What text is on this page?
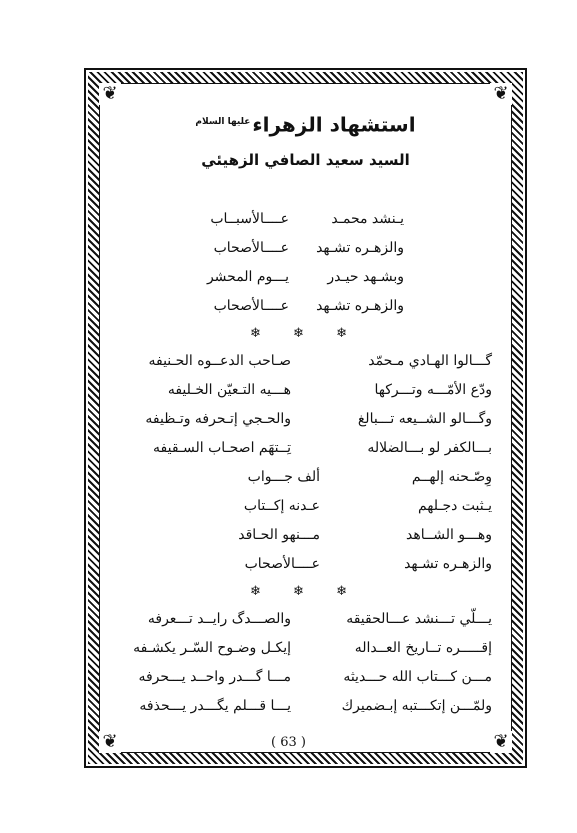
❦	❦
❦	❦
استشهاد الزهراء$^{عليها السلام}$
السيد سعيد الصافي الزهيئي
يـنشد محمـد
عــــالأسبــاب
والزهـره تشـهد
عــــالأصحاب
وبشـهد حيـدر
يـــوم المحشر
والزهـره تشـهد
عــــالأصحاب
❄ ❄ ❄
گـــالوا الهـادي مـحمّد
صـاحب الدعــوه الحـنيفه
ودّع الأمّـــه وتـــركها
هـــيه التـعيّن الخـليفه
وگـــالو الشــيعه تـــبالغ
والحـجي إتـحرفه وتـظيفه
بـــالكفر لو بـــالضلاله
تِــتهَم اصحـاب السـقيفه
وِصّـحنه إلهــم
ألف جـــواب
يـثبت دجـلهم
عـدنه إكــتاب
وهـــو الشــاهد
مـــنهو الحـاقد
والزهـره تشـهد
عــــالأصحاب
❄ ❄ ❄
يـــلّي تـــنشد عـــالحقيقه
والصـــدگ رايــد تـــعرفه
إقـــــره تــاريخ العــداله
إيكـل وضـوح السّـر يكشـفه
مـــن كـــتاب الله حـــديثه
مـــا گـــدر واحــد يـــحرفه
ولمّـــن إتكـــتبه إبـضميرك
يـــا قـــلم يگـــدر يـــحذفه
( 63 )
